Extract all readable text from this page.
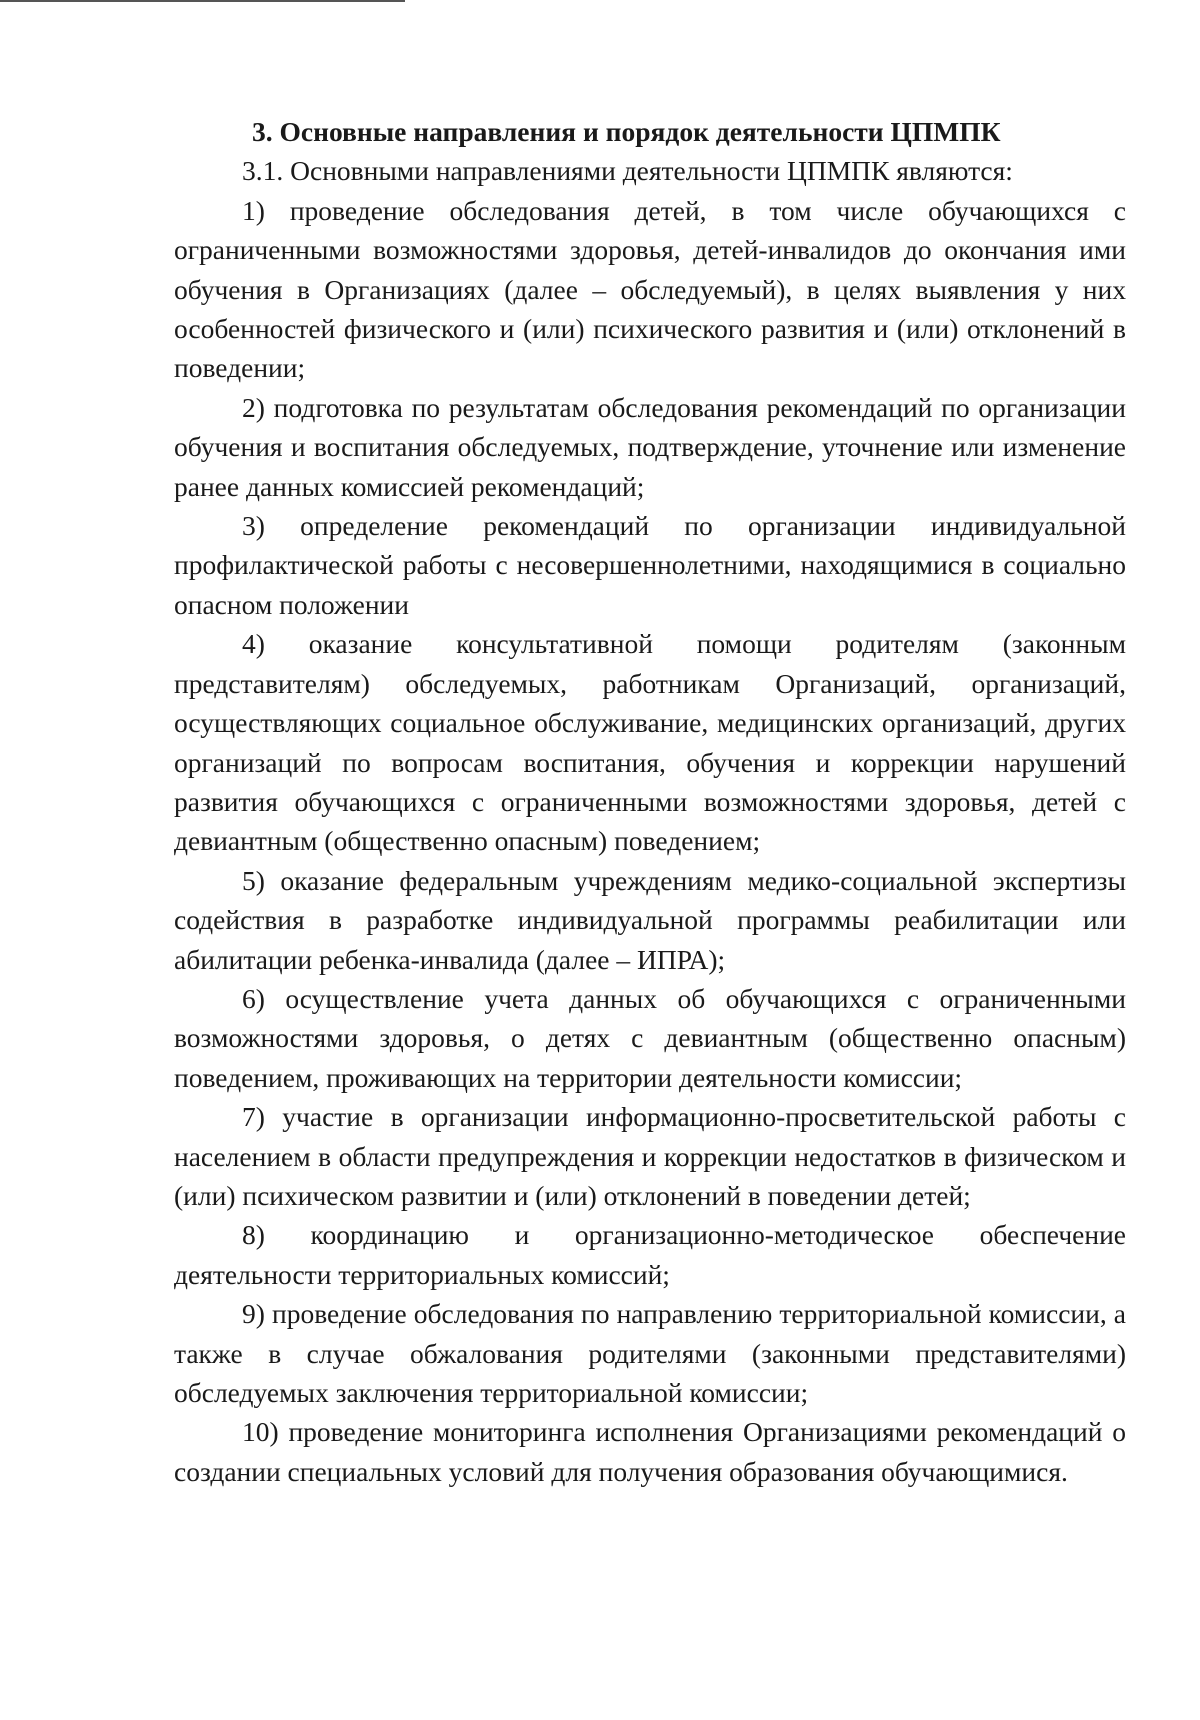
3. Основные направления и порядок деятельности ЦПМПК

3.1. Основными направлениями деятельности ЦПМПК являются:

1) проведение обследования детей, в том числе обучающихся с ограниченными возможностями здоровья, детей-инвалидов до окончания ими обучения в Организациях (далее – обследуемый), в целях выявления у них особенностей физического и (или) психического развития и (или) отклонений в поведении;

2) подготовка по результатам обследования рекомендаций по организации обучения и воспитания обследуемых, подтверждение, уточнение или изменение ранее данных комиссией рекомендаций;

3) определение рекомендаций по организации индивидуальной профилактической работы с несовершеннолетними, находящимися в социально опасном положении

4) оказание консультативной помощи родителям (законным представителям) обследуемых, работникам Организаций, организаций, осуществляющих социальное обслуживание, медицинских организаций, других организаций по вопросам воспитания, обучения и коррекции нарушений развития обучающихся с ограниченными возможностями здоровья, детей с девиантным (общественно опасным) поведением;

5) оказание федеральным учреждениям медико-социальной экспертизы содействия в разработке индивидуальной программы реабилитации или абилитации ребенка-инвалида (далее – ИПРА);

6) осуществление учета данных об обучающихся с ограниченными возможностями здоровья, о детях с девиантным (общественно опасным) поведением, проживающих на территории деятельности комиссии;

7) участие в организации информационно-просветительской работы с населением в области предупреждения и коррекции недостатков в физическом и (или) психическом развитии и (или) отклонений в поведении детей;

8) координацию и организационно-методическое обеспечение деятельности территориальных комиссий;

9) проведение обследования по направлению территориальной комиссии, а также в случае обжалования родителями (законными представителями) обследуемых заключения территориальной комиссии;

10) проведение мониторинга исполнения Организациями рекомендаций о создании специальных условий для получения образования обучающимися.
